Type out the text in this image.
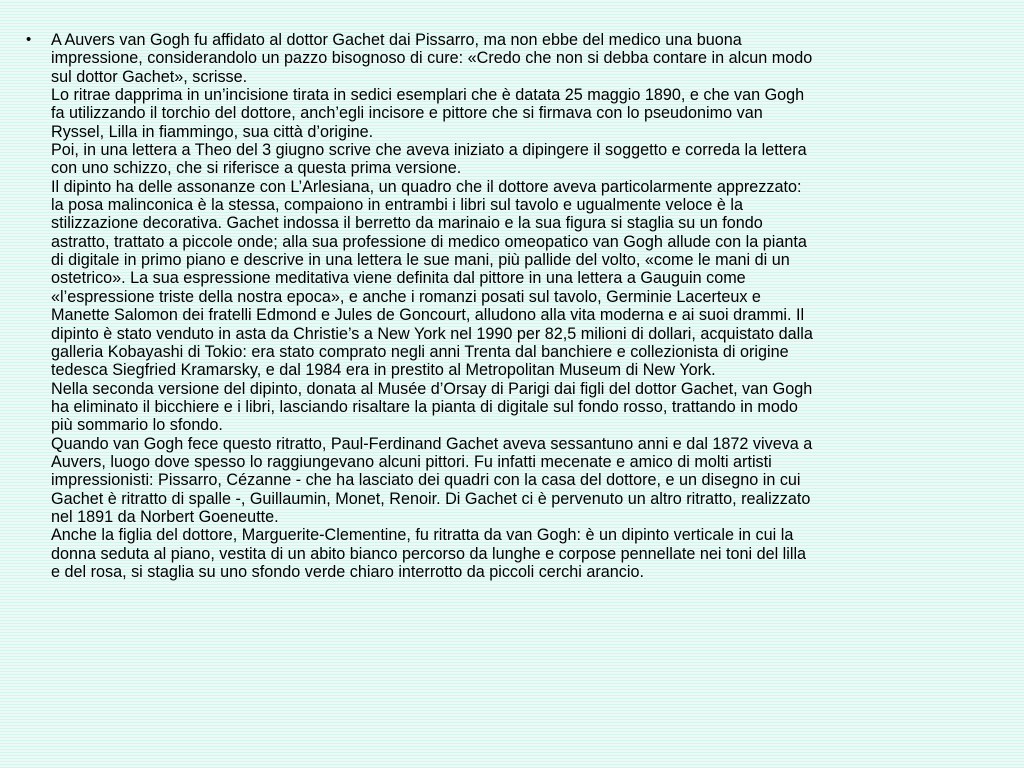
• A Auvers van Gogh fu affidato al dottor Gachet dai Pissarro, ma non ebbe del medico una buona

impressione, considerandolo un pazzo bisognoso di cure: «Credo che non si debba contare in alcun modo

sul dottor Gachet», scrisse.

Lo ritrae dapprima in un’incisione tirata in sedici esemplari che è datata 25 maggio 1890, e che van Gogh

fa utilizzando il torchio del dottore, anch’egli incisore e pittore che si firmava con lo pseudonimo van

Ryssel, Lilla in fiammingo, sua città d’origine.

Poi, in una lettera a Theo del 3 giugno scrive che aveva iniziato a dipingere il soggetto e correda la lettera

con uno schizzo, che si riferisce a questa prima versione.

Il dipinto ha delle assonanze con L’Arlesiana, un quadro che il dottore aveva particolarmente apprezzato:

la posa malinconica è la stessa, compaiono in entrambi i libri sul tavolo e ugualmente veloce è la

stilizzazione decorativa. Gachet indossa il berretto da marinaio e la sua figura si staglia su un fondo

astratto, trattato a piccole onde; alla sua professione di medico omeopatico van Gogh allude con la pianta

di digitale in primo piano e descrive in una lettera le sue mani, più pallide del volto, «come le mani di un

ostetrico». La sua espressione meditativa viene definita dal pittore in una lettera a Gauguin come

«l’espressione triste della nostra epoca», e anche i romanzi posati sul tavolo, Germinie Lacerteux e

Manette Salomon dei fratelli Edmond e Jules de Goncourt, alludono alla vita moderna e ai suoi drammi. Il

dipinto è stato venduto in asta da Christie’s a New York nel 1990 per 82,5 milioni di dollari, acquistato dalla

galleria Kobayashi di Tokio: era stato comprato negli anni Trenta dal banchiere e collezionista di origine

tedesca Siegfried Kramarsky, e dal 1984 era in prestito al Metropolitan Museum di New York.

Nella seconda versione del dipinto, donata al Musée d’Orsay di Parigi dai figli del dottor Gachet, van Gogh

ha eliminato il bicchiere e i libri, lasciando risaltare la pianta di digitale sul fondo rosso, trattando in modo

più sommario lo sfondo.

Quando van Gogh fece questo ritratto, Paul-Ferdinand Gachet aveva sessantuno anni e dal 1872 viveva a

Auvers, luogo dove spesso lo raggiungevano alcuni pittori. Fu infatti mecenate e amico di molti artisti

impressionisti: Pissarro, Cézanne - che ha lasciato dei quadri con la casa del dottore, e un disegno in cui

Gachet è ritratto di spalle -, Guillaumin, Monet, Renoir. Di Gachet ci è pervenuto un altro ritratto, realizzato

nel 1891 da Norbert Goeneutte.

Anche la figlia del dottore, Marguerite-Clementine, fu ritratta da van Gogh: è un dipinto verticale in cui la

donna seduta al piano, vestita di un abito bianco percorso da lunghe e corpose pennellate nei toni del lilla

e del rosa, si staglia su uno sfondo verde chiaro interrotto da piccoli cerchi arancio.
